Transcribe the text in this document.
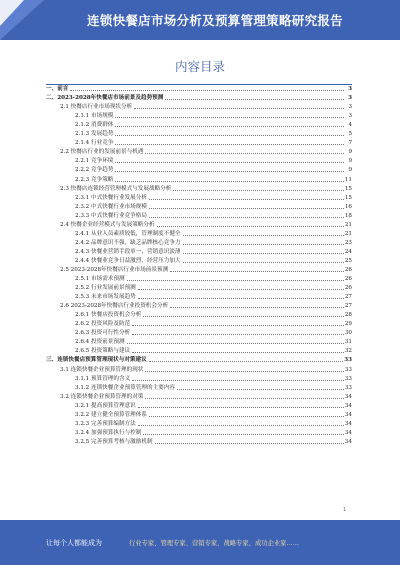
连锁快餐店市场分析及预算管理策略研究报告
内容目录
一、前言	3
二、2023-2028年快餐店市场前景及趋势预测	3
2.1 快餐店行业市场现状分析	3
2.1.1 市场规模	3
2.1.2 消费群体	4
2.1.3 发展趋势	5
2.1.4 行业竞争	7
2.2 快餐店行业的发展前景与机遇	9
2.2.1 竞争环境	9
2.2.2 竞争趋势	9
2.2.3 竞争策略	11
2.3 快餐店连锁经营管理模式与发展战略分析	15
2.3.1 中式快餐行业发展分析	15
2.3.2 中式快餐行业市场规模	16
2.3.3 中式快餐行业竞争格局	18
2.4 快餐企业经营模式与发展策略分析	21
2.4.1 从业人员素质较低，管理制度不健全	21
2.4.2 品牌意识不强，缺乏品牌核心竞争力	23
2.4.3 快餐业营销手段单一，营销意识淡薄	24
2.4.4 快餐业竞争日益激烈，经营压力加大	25
2.5 2023-2028年快餐店行业市场前景预测	26
2.5.1 市场需求预测	26
2.5.2 行业发展前景预测	26
2.5.3 未来市场发展趋势	27
2.6 2023-2028年快餐店行业投资机会分析	27
2.6.1 快餐店投资机会分析	28
2.6.2 投资风险及防范	29
2.6.3 投资可行性分析	30
2.6.4 投资前景预测	31
2.6.5 投资策略与建议	32
三、连锁快餐店预算管理现状与对策建议	33
3.1 连锁快餐企业预算管理的现状	33
3.1.1 预算管理的含义	33
3.1.2 连锁快餐企业预算管理的主要内容	33
3.2 连锁快餐企业预算管理的对策	34
3.2.1 提高预算管理意识	34
3.2.2 建立健全预算管理体系	34
3.2.3 完善预算编制方法	34
3.2.4 加强预算执行与控制	34
3.2.5 完善预算考核与激励机制	34
1
让每个人都能成为	行业专家、管理专家、营销专家、战略专家、成功企业家……
